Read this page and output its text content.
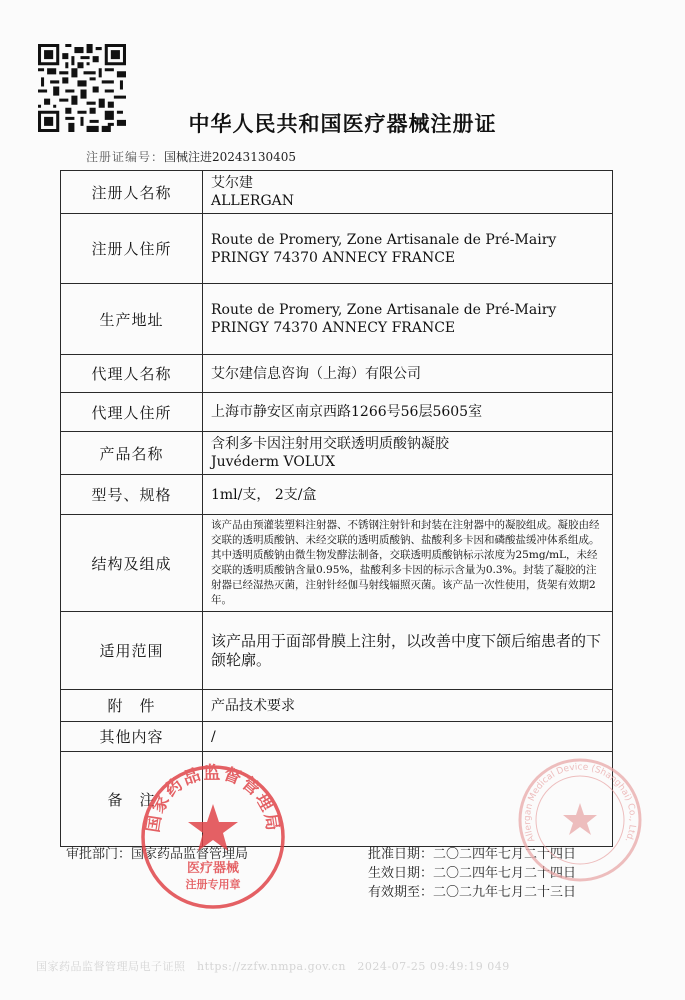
中华人民共和国医疗器械注册证
注册证编号：国械注进20243130405
注册人名称	艾尔建
ALLERGAN

注册人住所	Route de Promery, Zone Artisanale de Pré-Mairy PRINGY 74370 ANNECY FRANCE
生产地址	Route de Promery, Zone Artisanale de Pré-Mairy PRINGY 74370 ANNECY FRANCE
代理人名称	艾尔建信息咨询（上海）有限公司
代理人住所	上海市静安区南京西路1266号56层5605室
产品名称	含利多卡因注射用交联透明质酸钠凝胶
Juvéderm VOLUX

型号、规格	1ml/支， 2支/盒
结构及组成	该产品由预灌装塑料注射器、不锈钢注射针和封装在注射器中的凝胶组成。凝胶由经交联的透明质酸钠、未经交联的透明质酸钠、盐酸利多卡因和磷酸盐缓冲体系组成。其中透明质酸钠由微生物发酵法制备，交联透明质酸钠标示浓度为25mg/mL，未经交联的透明质酸钠含量0.95%，盐酸利多卡因的标示含量为0.3%。封装了凝胶的注射器已经湿热灭菌，注射针经伽马射线辐照灭菌。该产品一次性使用，货架有效期2年。
适用范围	该产品用于面部骨膜上注射，以改善中度下颌后缩患者的下颌轮廓。
附　件	产品技术要求
其他内容	/
备　注	
审批部门：国家药品监督管理局	批准日期：二〇二四年七月二十四日
生效日期：二〇二四年七月二十四日
有效期至：二〇二九年七月二十三日
国家药品监督管理局
医疗器械
注册专用章
Allergan Medical Device (Shanghai) Co., Ltd.
国家药品监督管理局电子证照　https://zzfw.nmpa.gov.cn　2024-07-25 09:49:19 049
